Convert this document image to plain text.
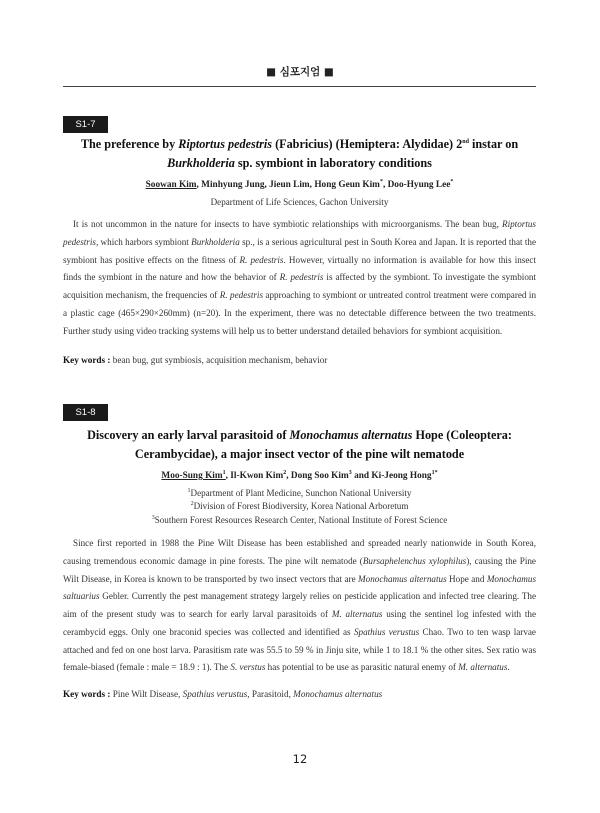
■ 심포지엄 ■
S1-7
The preference by Riptortus pedestris (Fabricius) (Hemiptera: Alydidae) 2nd instar on
Burkholderia sp. symbiont in laboratory conditions
Soowan Kim, Minhyung Jung, Jieun Lim, Hong Geun Kim*, Doo-Hyung Lee*
Department of Life Sciences, Gachon University

It is not uncommon in the nature for insects to have symbiotic relationships with microorganisms. The bean bug, Riptortus pedestris, which harbors symbiont Burkholderia sp., is a serious agricultural pest in South Korea and Japan. It is reported that the symbiont has positive effects on the fitness of R. pedestris. However, virtually no information is available for how this insect finds the symbiont in the nature and how the behavior of R. pedestris is affected by the symbiont. To investigate the symbiont acquisition mechanism, the frequencies of R. pedestris approaching to symbiont or untreated control treatment were compared in a plastic cage (465×290×260mm) (n=20). In the experiment, there was no detectable difference between the two treatments. Further study using video tracking systems will help us to better understand detailed behaviors for symbiont acquisition.

Key words : bean bug, gut symbiosis, acquisition mechanism, behavior
S1-8
Discovery an early larval parasitoid of Monochamus alternatus Hope (Coleoptera:
Cerambycidae), a major insect vector of the pine wilt nematode
Moo-Sung Kim$^1$, Il-Kwon Kim$^2$, Dong Soo Kim$^3$ and Ki-Jeong Hong$^{1*}$
$^1$Department of Plant Medicine, Sunchon National University
$^2$Division of Forest Biodiversity, Korea National Arboretum
$^3$Southern Forest Resources Research Center, National Institute of Forest Science

Since first reported in 1988 the Pine Wilt Disease has been established and spreaded nearly nationwide in South Korea, causing tremendous economic damage in pine forests. The pine wilt nematode (Bursaphelenchus xylophilus), causing the Pine Wilt Disease, in Korea is known to be transported by two insect vectors that are Monochamus alternatus Hope and Monochamus saltuarius Gebler. Currently the pest management strategy largely relies on pesticide application and infected tree clearing. The aim of the present study was to search for early larval parasitoids of M. alternatus using the sentinel log infested with the cerambycid eggs. Only one braconid species was collected and identified as Spathius verustus Chao. Two to ten wasp larvae attached and fed on one host larva. Parasitism rate was 55.5 to 59 % in Jinju site, while 1 to 18.1 % the other sites. Sex ratio was female-biased (female : male = 18.9 : 1). The S. verstus has potential to be use as parasitic natural enemy of M. alternatus.

Key words : Pine Wilt Disease, Spathius verustus, Parasitoid, Monochamus alternatus
12
